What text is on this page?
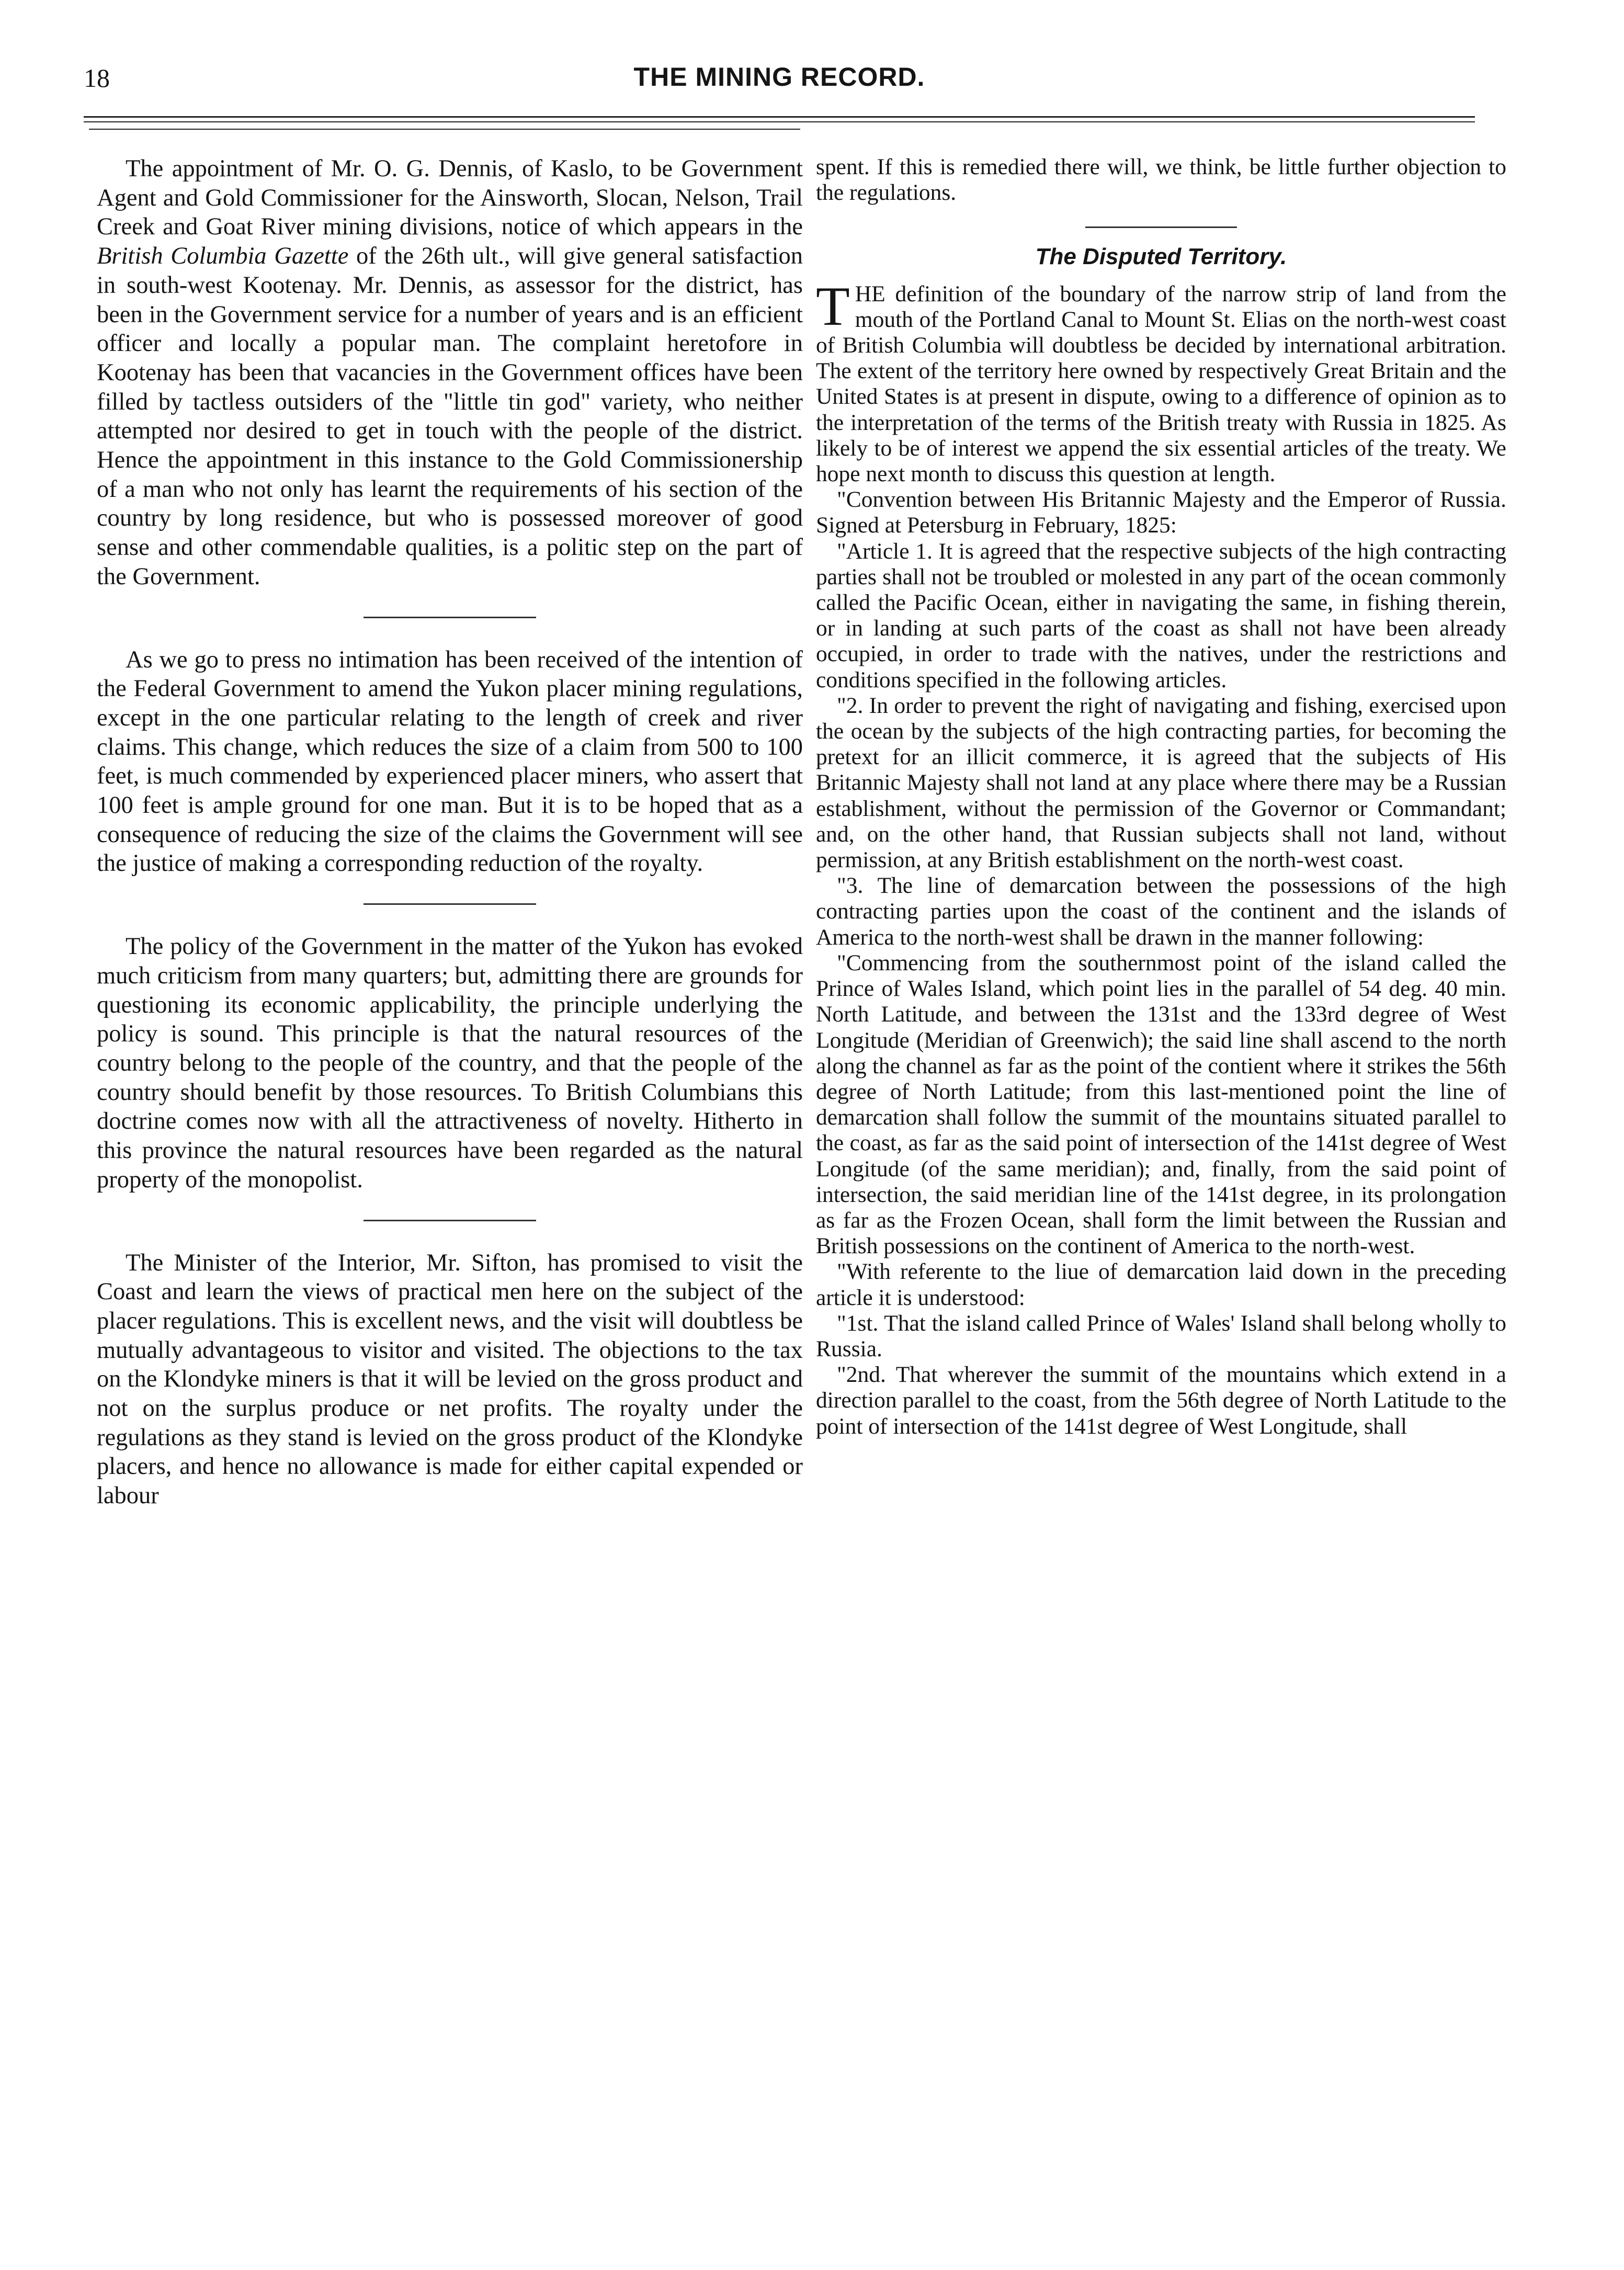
18	THE MINING RECORD.

The appointment of Mr. O. G. Dennis, of Kaslo, to be Government Agent and Gold Commissioner for the Ainsworth, Slocan, Nelson, Trail Creek and Goat River mining divisions, notice of which appears in the British Columbia Gazette of the 26th ult., will give general satisfaction in south-west Kootenay. Mr. Dennis, as assessor for the district, has been in the Government service for a number of years and is an efficient officer and locally a popular man. The complaint heretofore in Kootenay has been that vacancies in the Government offices have been filled by tactless outsiders of the "little tin god" variety, who neither attempted nor desired to get in touch with the people of the district. Hence the appointment in this instance to the Gold Commissionership of a man who not only has learnt the requirements of his section of the country by long residence, but who is possessed moreover of good sense and other commendable qualities, is a politic step on the part of the Government.

As we go to press no intimation has been received of the intention of the Federal Government to amend the Yukon placer mining regulations, except in the one particular relating to the length of creek and river claims. This change, which reduces the size of a claim from 500 to 100 feet, is much commended by experienced placer miners, who assert that 100 feet is ample ground for one man. But it is to be hoped that as a consequence of reducing the size of the claims the Government will see the justice of making a corresponding reduction of the royalty.

The policy of the Government in the matter of the Yukon has evoked much criticism from many quarters; but, admitting there are grounds for questioning its economic applicability, the principle underlying the policy is sound. This principle is that the natural resources of the country belong to the people of the country, and that the people of the country should benefit by those resources. To British Columbians this doctrine comes now with all the attractiveness of novelty. Hitherto in this province the natural resources have been regarded as the natural property of the monopolist.

The Minister of the Interior, Mr. Sifton, has promised to visit the Coast and learn the views of practical men here on the subject of the placer regulations. This is excellent news, and the visit will doubtless be mutually advantageous to visitor and visited. The objections to the tax on the Klondyke miners is that it will be levied on the gross product and not on the surplus produce or net profits. The royalty under the regulations as they stand is levied on the gross product of the Klondyke placers, and hence no allowance is made for either capital expended or labour

spent. If this is remedied there will, we think, be little further objection to the regulations.

The Disputed Territory.

THE definition of the boundary of the narrow strip of land from the mouth of the Portland Canal to Mount St. Elias on the north-west coast of British Columbia will doubtless be decided by international arbitration. The extent of the territory here owned by respectively Great Britain and the United States is at present in dispute, owing to a difference of opinion as to the interpretation of the terms of the British treaty with Russia in 1825. As likely to be of interest we append the six essential articles of the treaty. We hope next month to discuss this question at length.

"Convention between His Britannic Majesty and the Emperor of Russia. Signed at Petersburg in February, 1825:

"Article 1. It is agreed that the respective subjects of the high contracting parties shall not be troubled or molested in any part of the ocean commonly called the Pacific Ocean, either in navigating the same, in fishing therein, or in landing at such parts of the coast as shall not have been already occupied, in order to trade with the natives, under the restrictions and conditions specified in the following articles.

"2. In order to prevent the right of navigating and fishing, exercised upon the ocean by the subjects of the high contracting parties, for becoming the pretext for an illicit commerce, it is agreed that the subjects of His Britannic Majesty shall not land at any place where there may be a Russian establishment, without the permission of the Governor or Commandant; and, on the other hand, that Russian subjects shall not land, without permission, at any British establishment on the north-west coast.

"3. The line of demarcation between the possessions of the high contracting parties upon the coast of the continent and the islands of America to the north-west shall be drawn in the manner following:

"Commencing from the southernmost point of the island called the Prince of Wales Island, which point lies in the parallel of 54 deg. 40 min. North Latitude, and between the 131st and the 133rd degree of West Longitude (Meridian of Greenwich); the said line shall ascend to the north along the channel as far as the point of the contient where it strikes the 56th degree of North Latitude; from this last-mentioned point the line of demarcation shall follow the summit of the mountains situated parallel to the coast, as far as the said point of intersection of the 141st degree of West Longitude (of the same meridian); and, finally, from the said point of intersection, the said meridian line of the 141st degree, in its prolongation as far as the Frozen Ocean, shall form the limit between the Russian and British possessions on the continent of America to the north-west.

"With referente to the liue of demarcation laid down in the preceding article it is understood:

"1st. That the island called Prince of Wales' Island shall belong wholly to Russia.

"2nd. That wherever the summit of the mountains which extend in a direction parallel to the coast, from the 56th degree of North Latitude to the point of intersection of the 141st degree of West Longitude, shall
